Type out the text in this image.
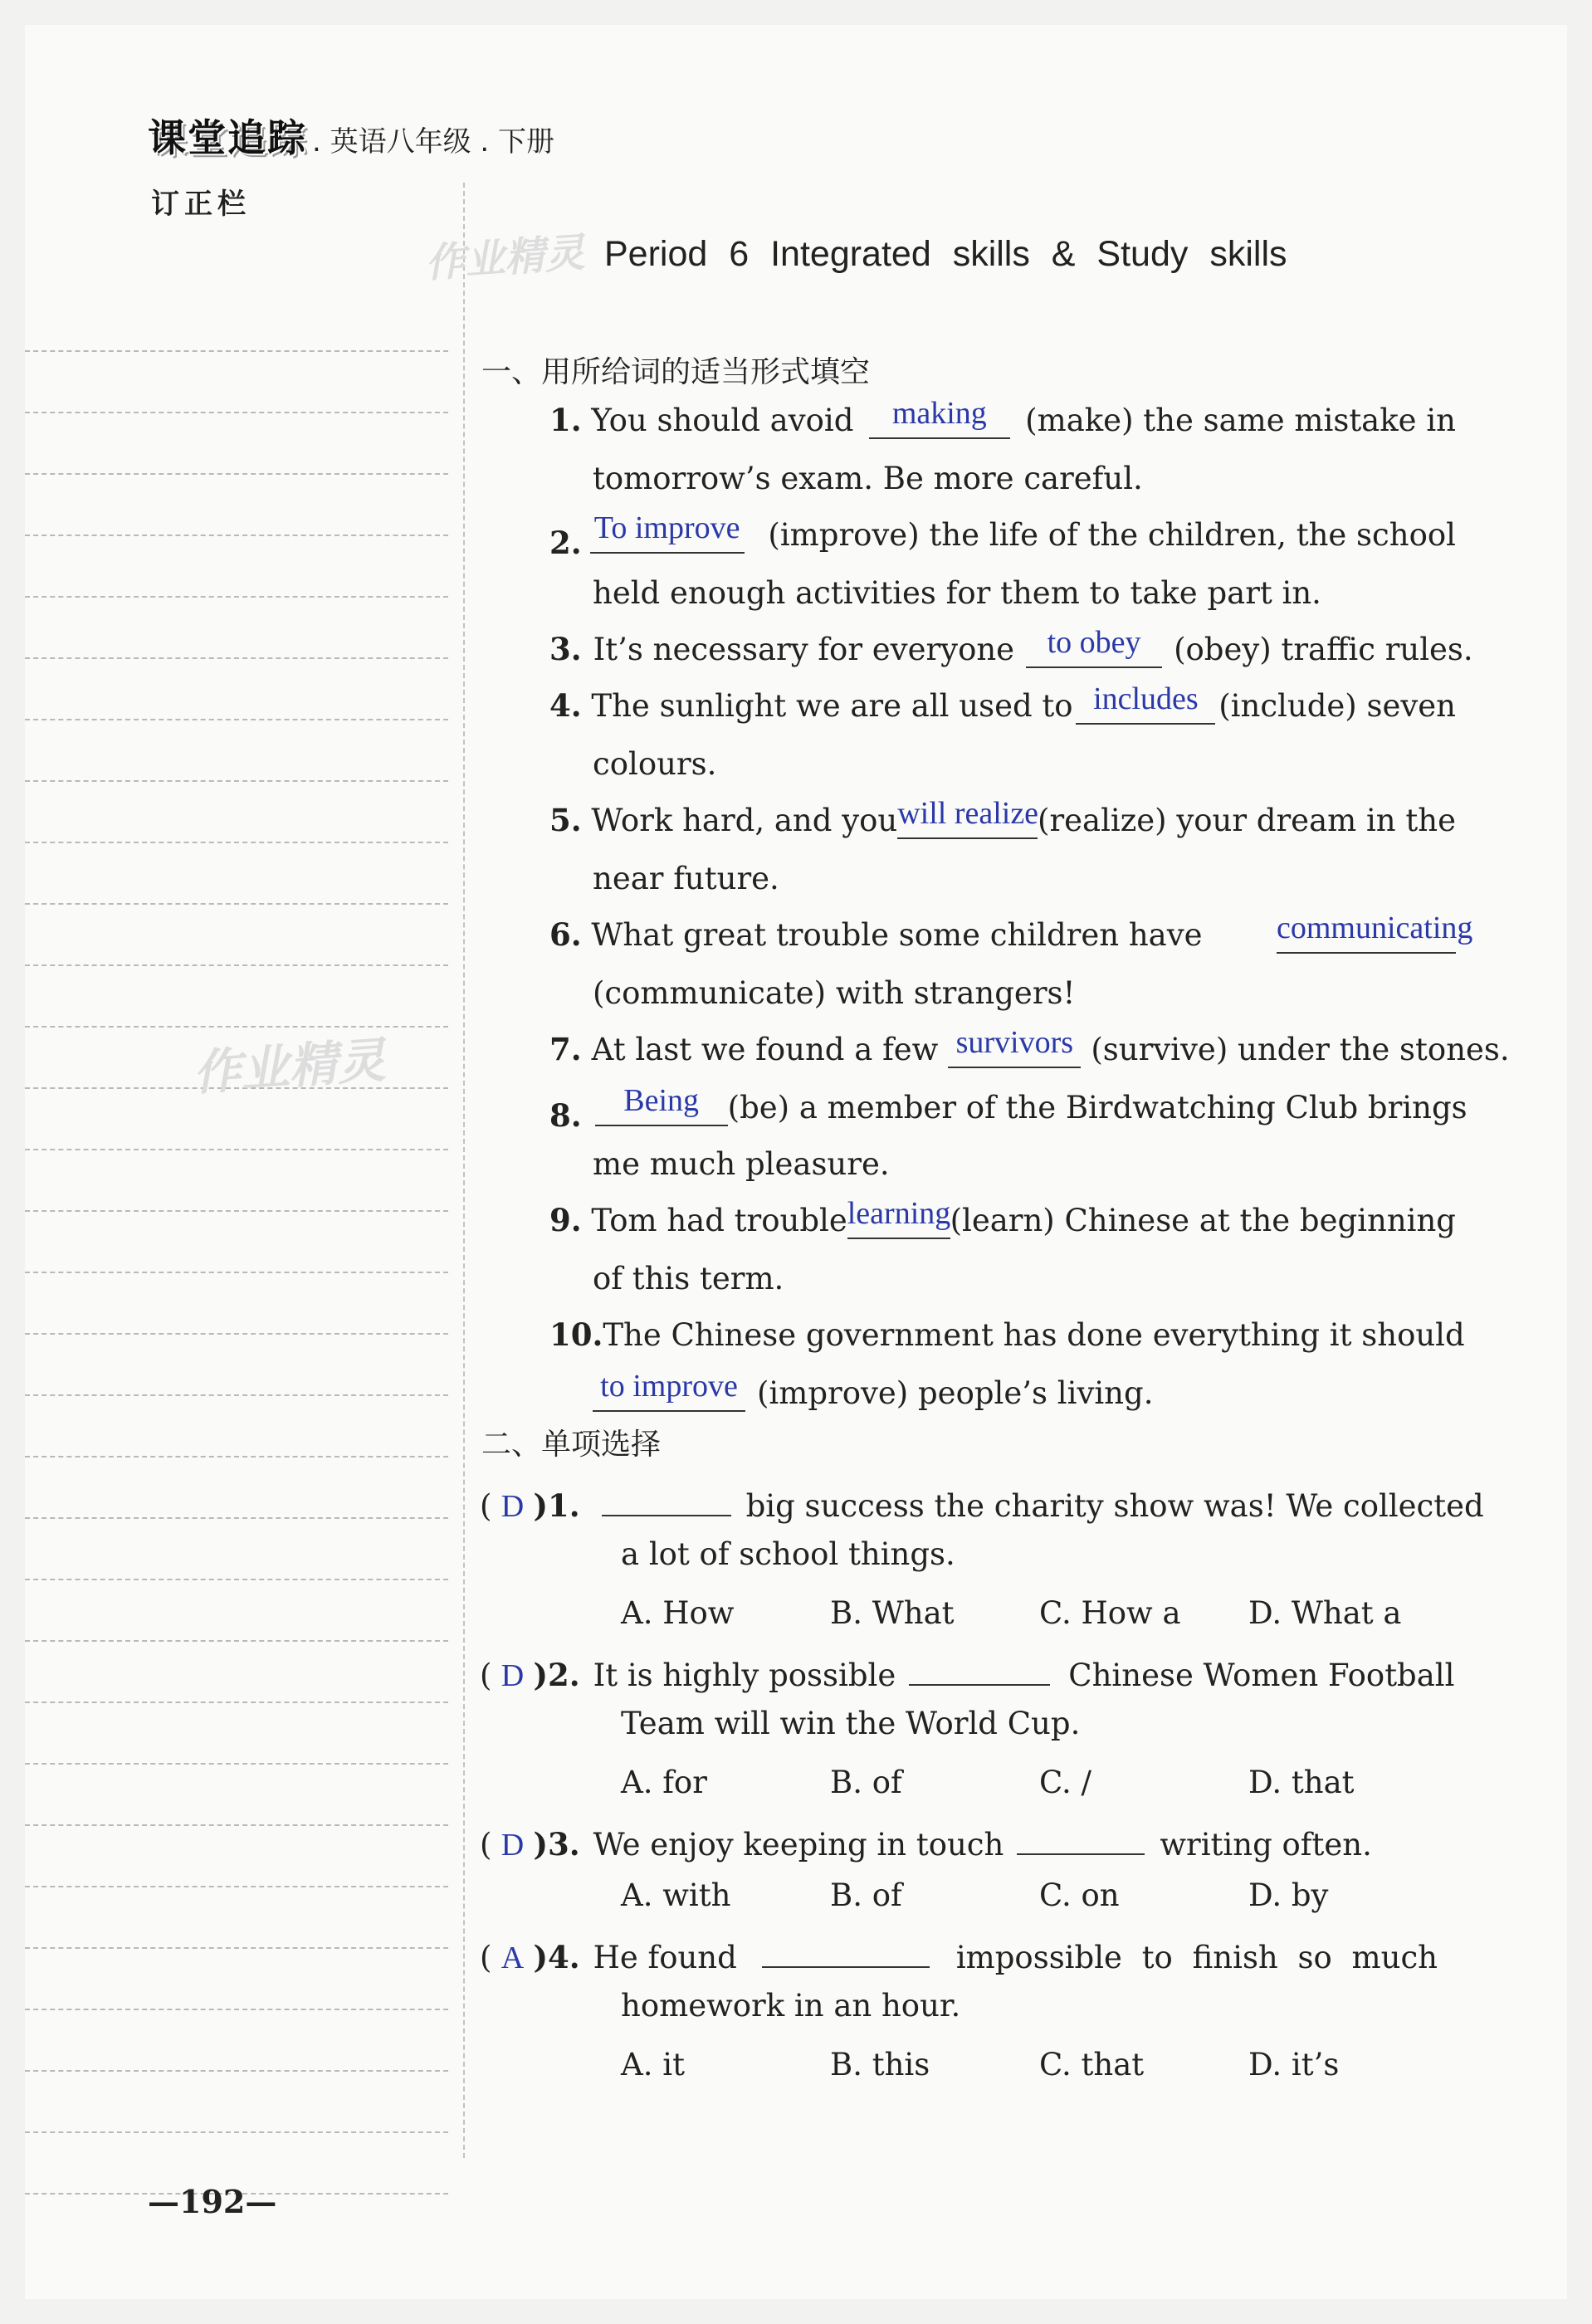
课堂追踪 . 英语八年级 . 下册
订正栏
Period 6 Integrated skills & Study skills
作业精灵
作业精灵
一、用所给词的适当形式填空
1. You should avoid	making	(make) the same mistake in
tomorrow’s exam. Be more careful.
2. To improve (improve) the life of the children, the school
held enough activities for them to take part in.
3. It’s necessary for everyone	to obey	(obey) traffic rules.
4. The sunlight we are all used to includes (include) seven
colours.
5. Work hard, and you will realize
(realize) your dream in the
near future.
6. What great trouble some children have communicating
(communicate) with strangers!
7. At last we found a few survivors (survive) under the stones.
8.	Being (be) a member of the Birdwatching Club brings
me much pleasure.
9. Tom had trouble learning (learn) Chinese at the beginning
of this term.
10. The Chinese government has done everything it should
to improve (improve) people’s living.
二、单项选择
( D )1.	big success the charity show was! We collected
a lot of school things.
A. How	B. What	C. How a	D. What a
( D )2. It is highly possible	Chinese Women Football
Team will win the World Cup.
A. for	B. of	C. /	D. that
( D )3. We enjoy keeping in touch	writing often.
A. with	B. of	C. on	D. by
( A )4. He found	impossible to finish so much
homework in an hour.
A. it	B. this	C. that	D. it’s
—192—
